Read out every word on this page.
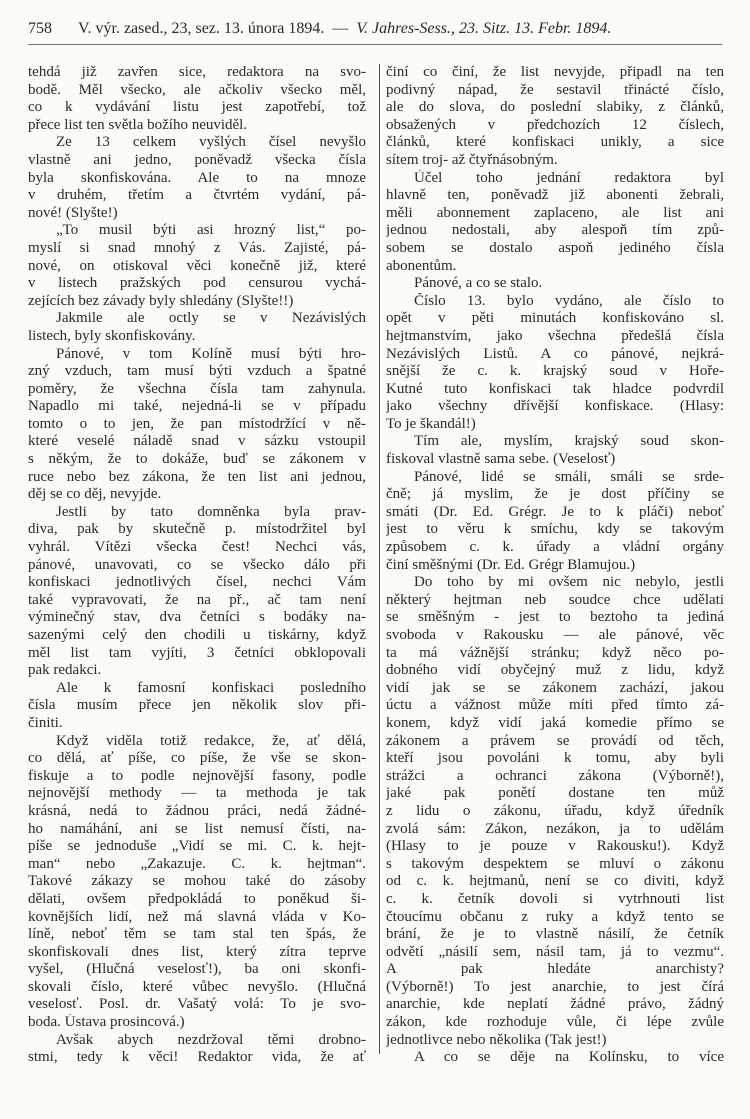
758	V. výr. zased., 23, sez. 13. února 1894. — V. Jahres-Sess., 23. Sitz. 13. Febr. 1894.
tehdá již zavřen sice, redaktora na svo-
bodě. Měl všecko, ale ačkoliv všecko měl,
co k vydávání listu jest zapotřebí, tož
přece list ten světla božího neuviděl.
Ze 13 celkem vyšlých čísel nevyšlo
vlastně ani jedno, poněvadž všecka čísla
byla skonfiskována. Ale to na mnoze
v druhém, třetím a čtvrtém vydání, pá-
nové! (Slyšte!)
„To musil býti asi hrozný list,“ po-
myslí si snad mnohý z Vás. Zajisté, pá-
nové, on otiskoval věci konečně již, které
v listech pražských pod censurou vychá-
zejících bez závady byly shledány (Slyšte!!)
Jakmile ale octly se v Nezávislých
listech, byly skonfiskovány.
Pánové, v tom Kolíně musí býti hro-
zný vzduch, tam musí býti vzduch a špatné
poměry, že všechna čísla tam zahynula.
Napadlo mi také, nejedná-li se v případu
tomto o to jen, že pan místodržící v ně-
které veselé náladě snad v sázku vstoupil
s někým, že to dokáže, buď se zákonem v
ruce nebo bez zákona, že ten list ani jednou,
děj se co děj, nevyjde.
Jestli by tato domněnka byla prav-
diva, pak by skutečně p. místodržitel byl
vyhrál. Vítězi všecka čest! Nechci vás,
pánové, unavovati, co se všecko dálo při
konfiskaci jednotlivých čísel, nechci Vám
také vypravovati, že na př., ač tam není
výminečný stav, dva četníci s bodáky na-
sazenými celý den chodili u tiskárny, když
měl list tam vyjíti, 3 četníci obklopovali
pak redakci.
Ale k famosní konfiskaci posledního
čísla musím přece jen několik slov při-
činiti.
Když viděla totiž redakce, že, ať dělá,
co dělá, ať píše, co píše, že vše se skon-
fiskuje a to podle nejnovější fasony, podle
nejnovější methody — ta methoda je tak
krásná, nedá to žádnou práci, nedá žádné-
ho namáhání, ani se list nemusí čísti, na-
píše se jednoduše „Vidí se mi. C. k. hejt-
man“ nebo „Zakazuje. C. k. hejtman“.
Takové zákazy se mohou také do zásoby
dělati, ovšem předpokládá to poněkud ši-
kovnějších lidí, než má slavná vláda v Ko-
líně, neboť těm se tam stal ten špás, že
skonfiskovali dnes list, který zítra teprve
vyšel, (Hlučná veselosť!), ba oni skonfi-
skovali číslo, které vůbec nevyšlo. (Hlučná
veselosť. Posl. dr. Vašatý volá: To je svo-
boda. Ústava prosincová.)
Avšak abych nezdržoval těmi drobno-
stmi, tedy k věci! Redaktor vida, že ať
činí co činí, že list nevyjde, připadl na ten
podivný nápad, že sestavil třinácté číslo,
ale do slova, do poslední slabiky, z článků,
obsažených v předchozích 12 číslech,
článků, které konfiskaci unikly, a sice
sítem troj- až čtyřnásobným.
Účel toho jednání redaktora byl
hlavně ten, poněvadž již abonenti žebrali,
měli abonnement zaplaceno, ale list ani
jednou nedostali, aby alespoň tím způ-
sobem se dostalo aspoň jediného čísla
abonentům.
Pánové, a co se stalo.
Číslo 13. bylo vydáno, ale číslo to
opět v pěti minutách konfiskováno sl.
hejtmanstvím, jako všechna předešlá čísla
Nezávislých Listů. A co pánové, nejkrá-
snější že c. k. krajský soud v Hoře-
Kutné tuto konfiskaci tak hladce podvrdil
jako všechny dřívější konfiskace. (Hlasy:
To je škandál!)
Tím ale, myslím, krajský soud skon-
fiskoval vlastně sama sebe. (Veselosť)
Pánové, lidé se smáli, smáli se srde-
čně; já myslim, že je dost příčiny se
smáti (Dr. Ed. Grégr. Je to k pláči) neboť
jest to věru k smíchu, kdy se takovým
způsobem c. k. úřady a vládní orgány
činí směšnými (Dr. Ed. Grégr Blamujou.)
Do toho by mi ovšem nic nebylo, jestli
některý hejtman neb soudce chce udělati
se směšným - jest to beztoho ta jediná
svoboda v Rakousku — ale pánové, věc
ta má vážnější stránku; když něco po-
dobného vidí obyčejný muž z lidu, když
vidí jak se se zákonem zachází, jakou
úctu a vážnost může míti před tímto zá-
konem, když vidí jaká komedie přímo se
zákonem a právem se provádí od těch,
kteří jsou povoláni k tomu, aby byli
strážci a ochranci zákona (Výborně!),
jaké pak ponětí dostane ten můž
z lidu o zákonu, úřadu, když úředník
zvolá sám: Zákon, nezákon, ja to udělám
(Hlasy to je pouze v Rakousku!). Když
s takovým despektem se mluví o zákonu
od c. k. hejtmanů, není se co diviti, když
c. k. četník dovoli si vytrhnouti list
čtoucímu občanu z ruky a když tento se
brání, že je to vlastně násilí, že četník
odvětí „násilí sem, násil tam, já to vezmu“.
A pak hledáte anarchisty?
(Výborně!) To jest anarchie, to jest čírá
anarchie, kde neplatí žádné právo, žádný
zákon, kde rozhoduje vůle, či lépe zvůle
jednotlivce nebo několika (Tak jest!)
A co se děje na Kolínsku, to více
